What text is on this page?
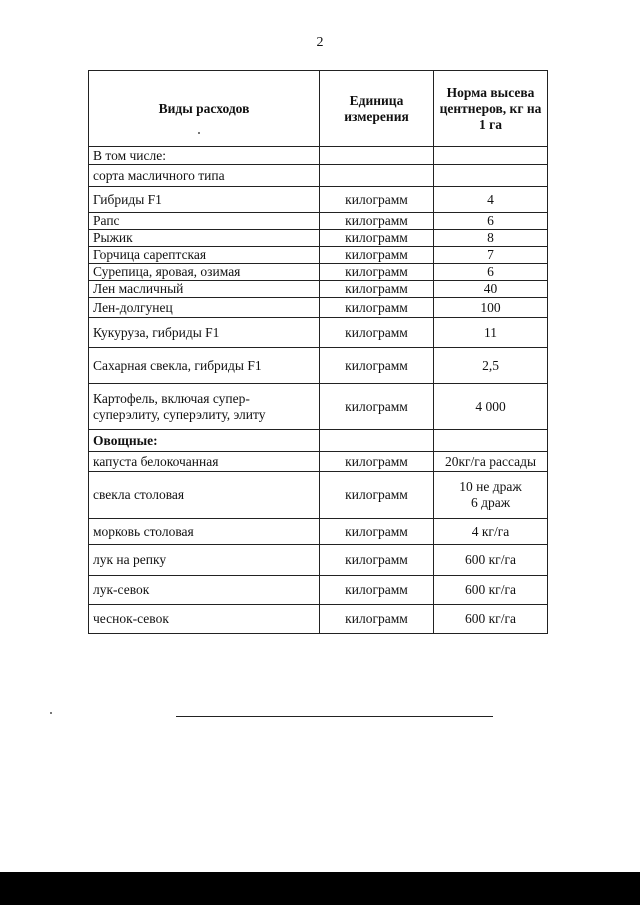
2
Виды расходов	Единица измерения	Норма высева центнеров, кг на 1 га
В том числе:		
сорта масличного типа		
Гибриды F1	килограмм	4
Рапс	килограмм	6
Рыжик	килограмм	8
Горчица сарептская	килограмм	7
Сурепица, яровая, озимая	килограмм	6
Лен масличный	килограмм	40
Лен-долгунец	килограмм	100
Кукуруза, гибриды F1	килограмм	11
Сахарная свекла, гибриды F1	килограмм	2,5
Картофель, включая супер-суперэлиту, суперэлиту, элиту	килограмм	4 000
Овощные:		
капуста белокочанная	килограмм	20кг/га рассады
свекла столовая	килограмм	10 не драж
6 драж
морковь столовая	килограмм	4 кг/га
лук на репку	килограмм	600 кг/га
лук-севок	килограмм	600 кг/га
чеснок-севок	килограмм	600 кг/га
